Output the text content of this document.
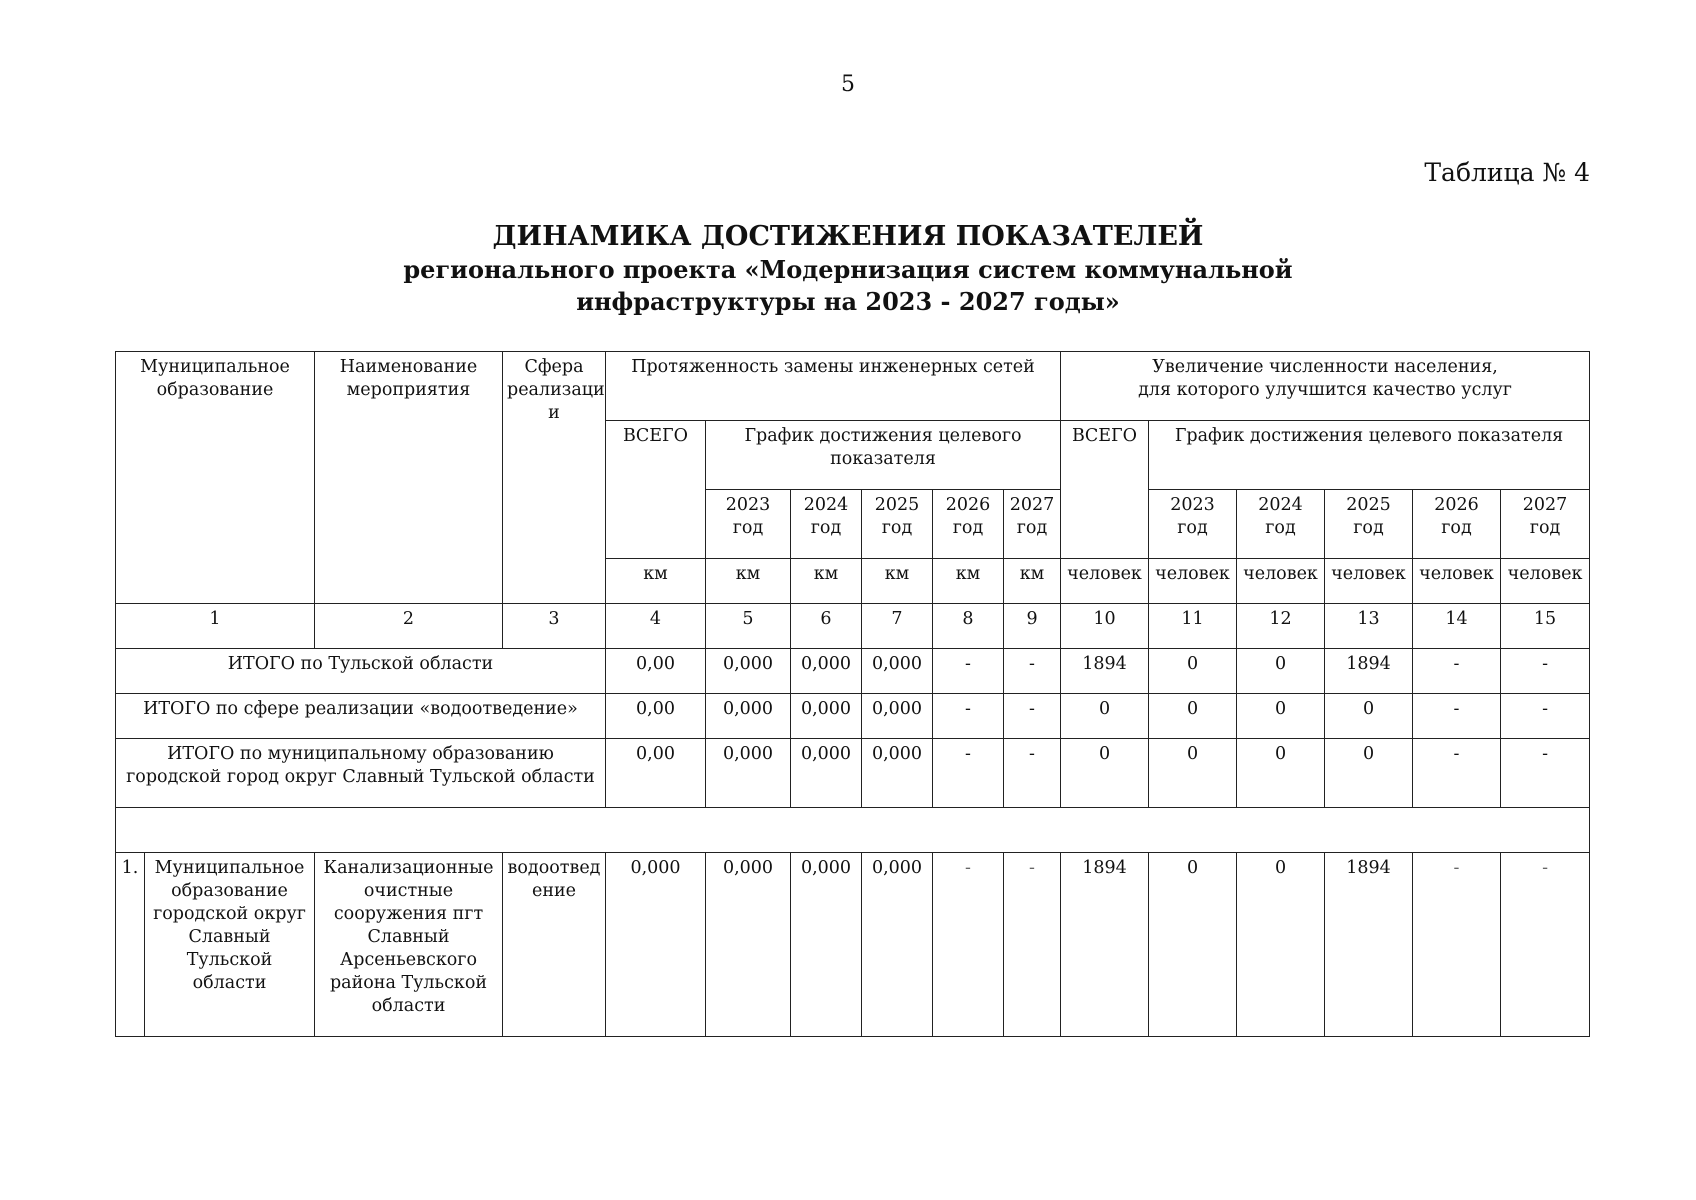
5
Таблица № 4
ДИНАМИКА ДОСТИЖЕНИЯ ПОКАЗАТЕЛЕЙ
регионального проекта «Модернизация систем коммунальной
инфраструктуры на 2023 - 2027 годы»
Муниципальное образование		Наименование мероприятия	Сфера реализаци и	Протяженность замены инженерных сетей						Увеличение численности населения,
для которого улучшится качество услуг					
				ВСЕГО	График достижения целевого показателя					ВСЕГО	График достижения целевого показателя				
					2023 год	2024 год	2025 год	2026 год	2027 год		2023 год	2024 год	2025 год	2026 год	2027 год
				км	км	км	км	км	км	человек	человек	человек	человек	человек	человек
1		2	3	4	5	6	7	8	9	10	11	12	13	14	15
ИТОГО по Тульской области				0,00	0,000	0,000	0,000	-	-	1894	0	0	1894	-	-
ИТОГО по сфере реализации «водоотведение»				0,00	0,000	0,000	0,000	-	-	0	0	0	0	-	-
ИТОГО по муниципальному образованию городской город округ Славный Тульской области				0,00	0,000	0,000	0,000	-	-	0	0	0	0	-	-

1.	Муниципальное образование городской округ Славный Тульской области	Канализационные очистные сооружения пгт Славный Арсеньевского района Тульской области	водоотвед ение	0,000	0,000	0,000	0,000	-	-	1894	0	0	1894	-	-
